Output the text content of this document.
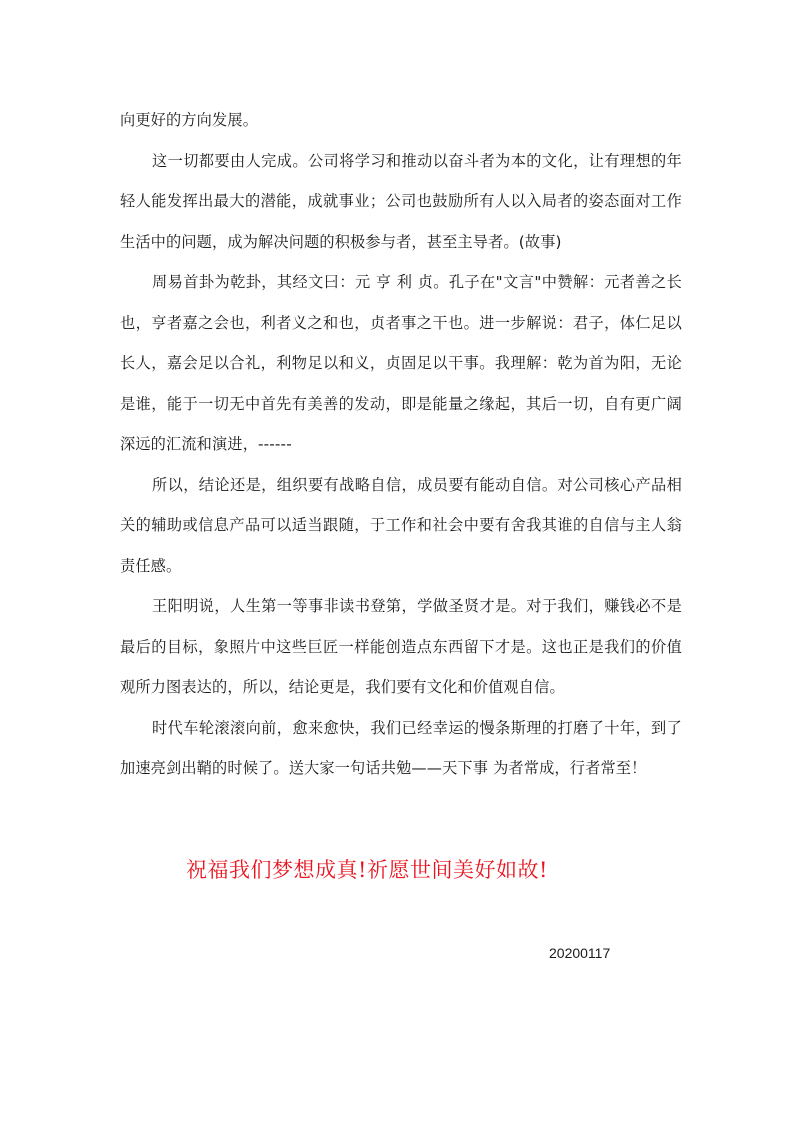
向更好的方向发展。

这一切都要由人完成。公司将学习和推动以奋斗者为本的文化，让有理想的年轻人能发挥出最大的潜能，成就事业；公司也鼓励所有人以入局者的姿态面对工作生活中的问题，成为解决问题的积极参与者，甚至主导者。(故事)

周易首卦为乾卦，其经文曰：元 亨 利 贞。孔子在"文言"中赞解：元者善之长也，亨者嘉之会也，利者义之和也，贞者事之干也。进一步解说：君子，体仁足以长人，嘉会足以合礼，利物足以和义，贞固足以干事。我理解：乾为首为阳，无论是谁，能于一切无中首先有美善的发动，即是能量之缘起，其后一切，自有更广阔深远的汇流和演进，------

所以，结论还是，组织要有战略自信，成员要有能动自信。对公司核心产品相关的辅助或信息产品可以适当跟随，于工作和社会中要有舍我其谁的自信与主人翁责任感。

王阳明说，人生第一等事非读书登第，学做圣贤才是。对于我们，赚钱必不是最后的目标，象照片中这些巨匠一样能创造点东西留下才是。这也正是我们的价值观所力图表达的，所以，结论更是，我们要有文化和价值观自信。

时代车轮滚滚向前，愈来愈快，我们已经幸运的慢条斯理的打磨了十年，到了加速亮剑出鞘的时候了。送大家一句话共勉——天下事 为者常成，行者常至！

祝福我们梦想成真!祈愿世间美好如故!
20200117
